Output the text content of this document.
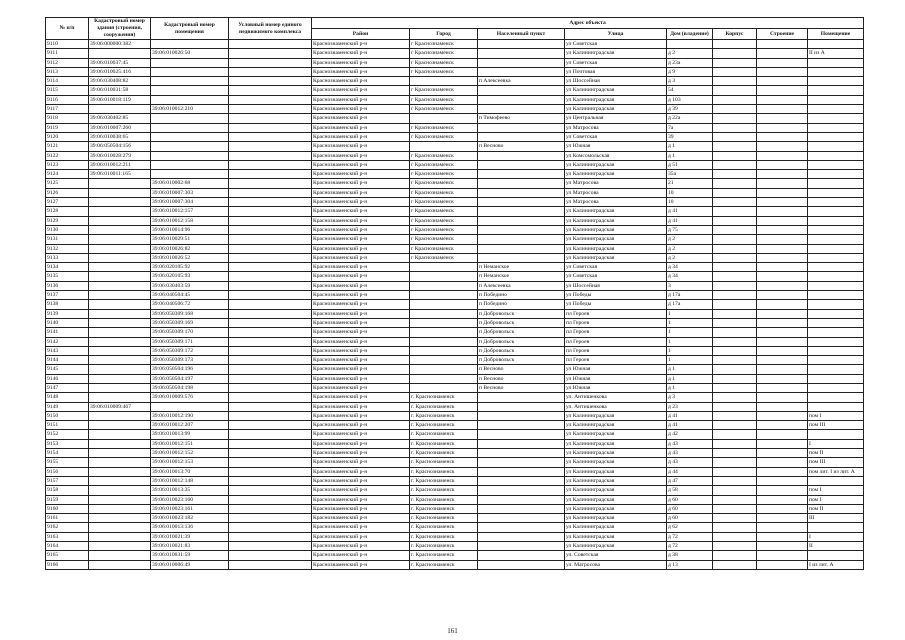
№ п/п	Кадастровый номер здания (строения, сооружения)	Кадастровый номер помещения	Условный номер единого недвижимого комплекса	Адрес объекта							
				Район	Город	Населенный пункт	Улица	Дом (владение)	Корпус	Строение	Помещение
9110	39:06:000000:382			Краснознаменский р-н	г Краснознаменск		ул Советская				
9111		39:06:010026:50		Краснознаменский р-н	г Краснознаменск		ул Калининградская	д 2			II из А
9112	39:06:010037:45			Краснознаменский р-н	г Краснознаменск		ул Советская	д 23а			
9113	39:06:010025:416			Краснознаменский р-н	г Краснознаменск		ул Почтовая	д 9			
9114	39:06:030408:82			Краснознаменский р-н		п Алексеевка	ул Шоссейная	д 3			
9115	39:06:010031:58			Краснознаменский р-н	г Краснознаменск		ул Калининградская	54			
9116	39:06:010018:119			Краснознаменский р-н	г Краснознаменск		ул Калининградская	д 103			
9117		39:06:010012:210		Краснознаменский р-н	г Краснознаменск		ул Калининградская	д 39			
9118	39:06:030402:85			Краснознаменский р-н		п Тимофеево	ул Центральная	д 22а			
9119	39:06:010007:260			Краснознаменский р-н	г Краснознаменск		ул Матросова	7а			
9120	39:06:010038:65			Краснознаменский р-н	г Краснознаменск		ул Советская	39			
9121	39:06:050504:156			Краснознаменский р-н		п Весново	ул Южная	д 1			
9122	39:06:010028:279			Краснознаменский р-н	г Краснознаменск		ул Комсомольская	д 1			
9123	39:06:010012:211			Краснознаменский р-н	г Краснознаменск		ул Калининградская	д 51			
9124	39:06:010011:165			Краснознаменский р-н	г Краснознаменск		ул Калининградская	35а			
9125		39:06:010002:68		Краснознаменский р-н	г Краснознаменск		ул Матросова	21			
9126		39:06:010007:303		Краснознаменский р-н	г Краснознаменск		ул Матросова	10			
9127		39:06:010007:304		Краснознаменский р-н	г Краснознаменск		ул Матросова	10			
9128		39:06:010012:157		Краснознаменский р-н	г Краснознаменск		ул Калининградская	д 41			
9129		39:06:010012:158		Краснознаменский р-н	г Краснознаменск		ул Калининградская	д 41			
9130		39:06:010014:96		Краснознаменский р-н	г Краснознаменск		ул Калининградская	д 75			
9131		39:06:010029:51		Краснознаменский р-н	г Краснознаменск		ул Калининградская	д 2			
9132		39:06:010026:82		Краснознаменский р-н	г Краснознаменск		ул Калининградская	д 2			
9133		39:06:010026:52		Краснознаменский р-н	г Краснознаменск		ул Калининградская	д 2			
9134		39:06:020105:92		Краснознаменский р-н		п Неманское	ул Советская	д 34			
9135		39:06:020105:93		Краснознаменский р-н		п Неманское	ул Советская	д 34			
9136		39:06:030403:59		Краснознаменский р-н		п Алексеевка	ул Шоссейная	3			
9137		39:06:040504:45		Краснознаменский р-н		п Победино	ул Победы	д 17а			
9138		39:06:040506:72		Краснознаменский р-н		п Победино	ул Победы	д 17а			
9139		39:06:050309:168		Краснознаменский р-н		п Добровольск	пл Героев	1			
9140		39:06:050309:169		Краснознаменский р-н		п Добровольск	пл Героев	1			
9141		39:06:050309:170		Краснознаменский р-н		п Добровольск	пл Героев	1			
9142		39:06:050309:171		Краснознаменский р-н		п Добровольск	пл Героев	1			
9143		39:06:050309:172		Краснознаменский р-н		п Добровольск	пл Героев	1			
9144		39:06:050309:173		Краснознаменский р-н		п Добровольск	пл Героев	1			
9145		39:06:050504:196		Краснознаменский р-н		п Весново	ул Южная	д 1			
9146		39:06:050504:197		Краснознаменский р-н		п Весново	ул Южная	д 1			
9147		39:06:050504:198		Краснознаменский р-н		п Весново	ул Южная	д 1			
9148		39:06:010009:576		Краснознаменский р-н	г. Краснознаменск		ул. Антишенкова	д 3			
9149	39:06:010009:467			Краснознаменский р-н	г. Краснознаменск		ул. Антишенкова	д 23			
9150		39:06:010012:190		Краснознаменский р-н	г. Краснознаменск		ул Калининградская	д 41			пом I
9151		39:06:010012:207		Краснознаменский р-н	г. Краснознаменск		ул Калининградская	д 41			пом III
9152		39:06:010013:99		Краснознаменский р-н	г. Краснознаменск		ул Калининградская	д 42			
9153		39:06:010012:151		Краснознаменский р-н	г. Краснознаменск		ул Калининградская	д 43			I
9154		39:06:010012:152		Краснознаменский р-н	г. Краснознаменск		ул Калининградская	д 43			пом II
9155		39:06:010012:153		Краснознаменский р-н	г. Краснознаменск		ул Калининградская	д 43			пом III
9156		39:06:010013:70		Краснознаменский р-н	г. Краснознаменск		ул Калининградская	д 44			пом лит. I из лит. А
9157		39:06:010012:148		Краснознаменский р-н	г. Краснознаменск		ул Калининградская	д 47			
9158		39:06:010013:35		Краснознаменский р-н	г. Краснознаменск		ул Калининградская	д 58			пом I
9159		39:06:010023:160		Краснознаменский р-н	г. Краснознаменск		ул Калининградская	д 60			пом I
9160		39:06:010023:161		Краснознаменский р-н	г. Краснознаменск		ул Калининградская	д 60			пом II
9161		39:06:010023:182		Краснознаменский р-н	г. Краснознаменск		ул Калининградская	д 60			III
9162		39:06:010013:136		Краснознаменский р-н	г. Краснознаменск		ул Калининградская	д 62			
9163		39:06:010021:39		Краснознаменский р-н	г. Краснознаменск		ул Калининградская	д 72			I
9164		39:06:010021:83		Краснознаменский р-н	г. Краснознаменск		ул Калининградская	д 72			II
9165		39:06:010031:59		Краснознаменский р-н	г. Краснознаменск		ул. Советская	д 38			
9166		39:06:010006:49		Краснознаменский р-н	г. Краснознаменск		ул. Матросова	д 13			I из лит. А
161
